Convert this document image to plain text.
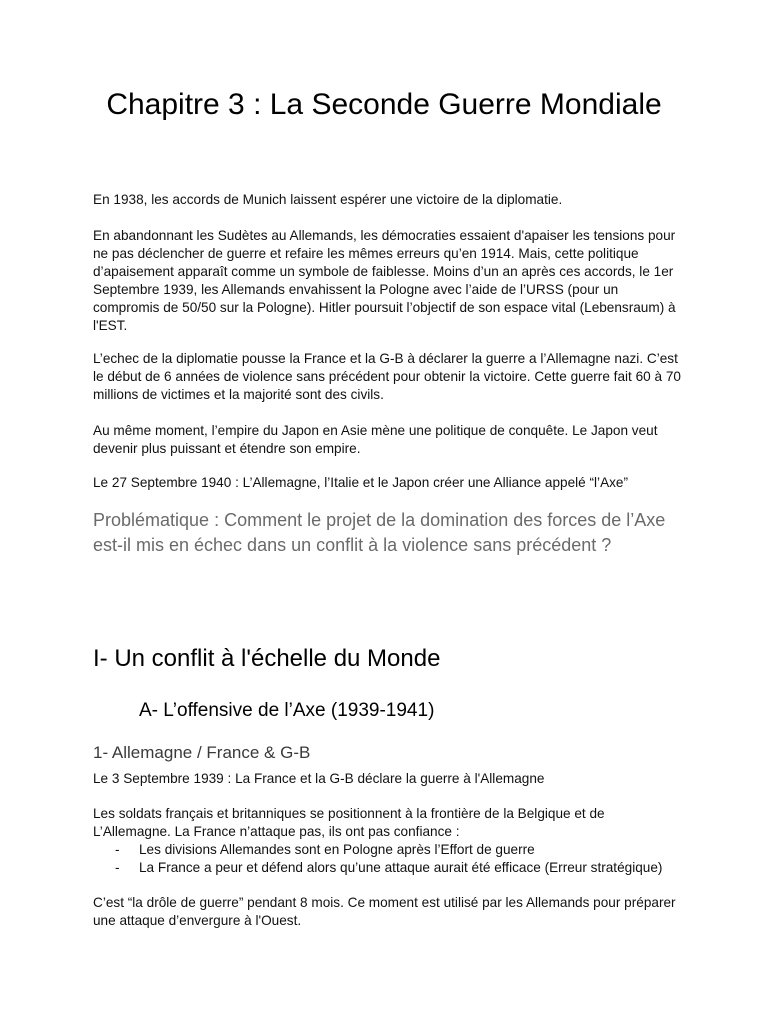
Chapitre 3 : La Seconde Guerre Mondiale

En 1938, les accords de Munich laissent espérer une victoire de la diplomatie.

En abandonnant les Sudètes au Allemands, les démocraties essaient d'apaiser les tensions pour ne pas déclencher de guerre et refaire les mêmes erreurs qu’en 1914. Mais, cette politique d’apaisement apparaît comme un symbole de faiblesse. Moins d’un an après ces accords, le 1er Septembre 1939, les Allemands envahissent la Pologne avec l’aide de l’URSS (pour un compromis de 50/50 sur la Pologne). Hitler poursuit l’objectif de son espace vital (Lebensraum) à l'EST.

L’echec de la diplomatie pousse la France et la G-B à déclarer la guerre a l’Allemagne nazi. C’est le début de 6 années de violence sans précédent pour obtenir la victoire. Cette guerre fait 60 à 70 millions de victimes et la majorité sont des civils.

Au même moment, l’empire du Japon en Asie mène une politique de conquête. Le Japon veut devenir plus puissant et étendre son empire.

Le 27 Septembre 1940 : L’Allemagne, l’Italie et le Japon créer une Alliance appelé “l’Axe”

Problématique : Comment le projet de la domination des forces de l’Axe est-il mis en échec dans un conflit à la violence sans précédent ?

I- Un conflit à l'échelle du Monde
A- L’offensive de l’Axe (1939-1941)
1- Allemagne / France & G-B

Le 3 Septembre 1939 : La France et la G-B déclare la guerre à l'Allemagne

Les soldats français et britanniques se positionnent à la frontière de la Belgique et de L’Allemagne. La France n’attaque pas, ils ont pas confiance :

- Les divisions Allemandes sont en Pologne après l’Effort de guerre
- La France a peur et défend alors qu’une attaque aurait été efficace (Erreur stratégique)

C’est “la drôle de guerre” pendant 8 mois. Ce moment est utilisé par les Allemands pour préparer une attaque d’envergure à l'Ouest.
